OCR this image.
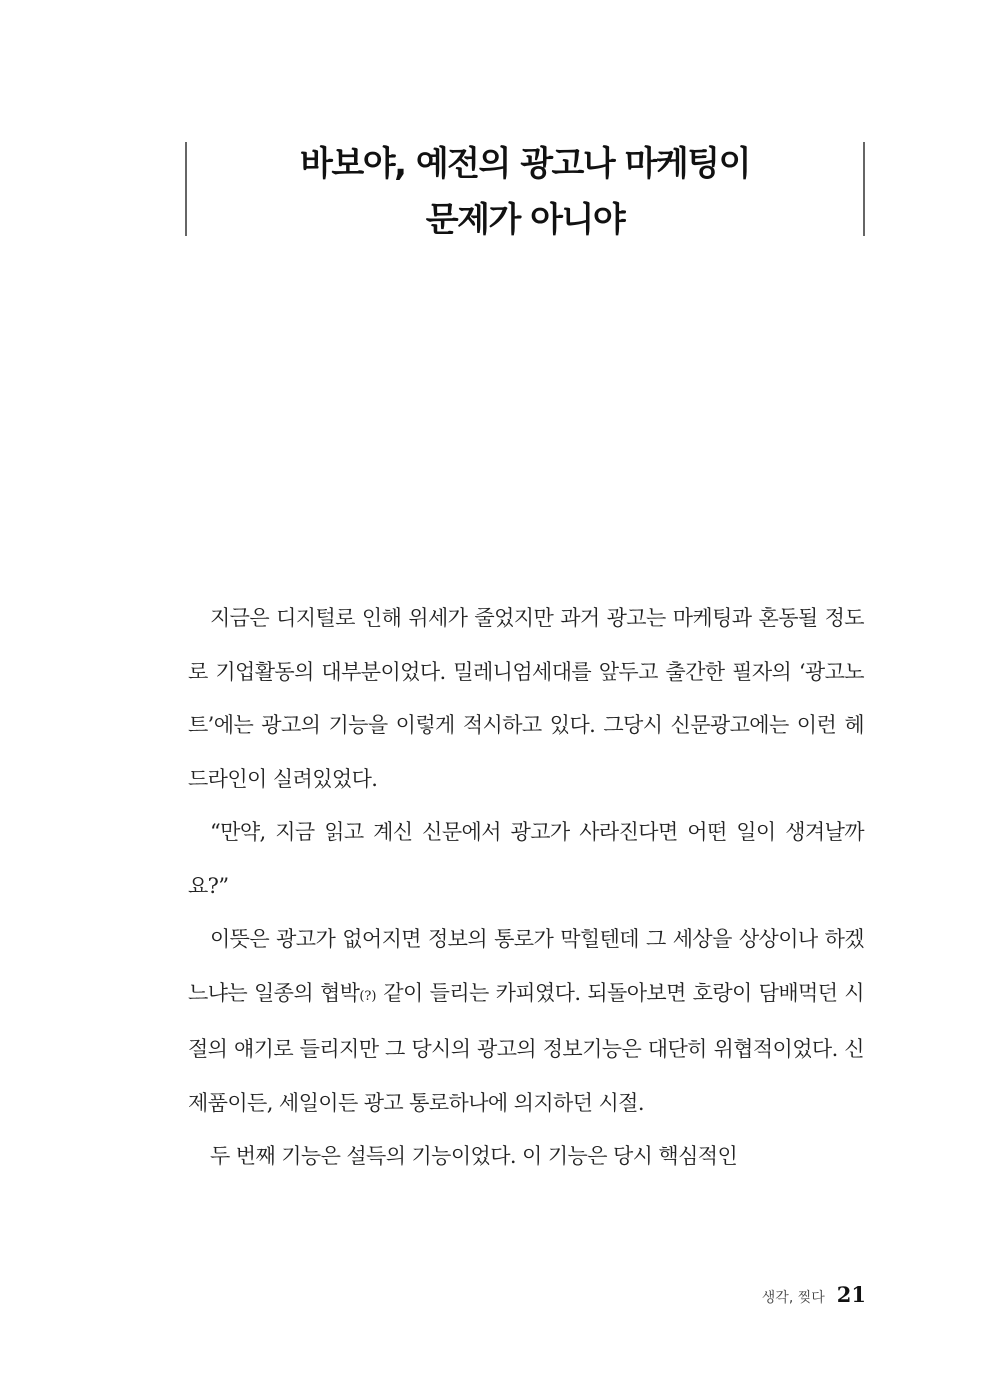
바보야, 예전의 광고나 마케팅이
문제가 아니야

지금은 디지털로 인해 위세가 줄었지만 과거 광고는 마케팅과 혼동될 정도로 기업활동의 대부분이었다. 밀레니엄세대를 앞두고 출간한 필자의 ‘광고노트’에는 광고의 기능을 이렇게 적시하고 있다. 그당시 신문광고에는 이런 헤드라인이 실려있었다.

“만약, 지금 읽고 계신 신문에서 광고가 사라진다면 어떤 일이 생겨날까요?”

이뜻은 광고가 없어지면 정보의 통로가 막힐텐데 그 세상을 상상이나 하겠느냐는 일종의 협박(?) 같이 들리는 카피였다. 되돌아보면 호랑이 담배먹던 시절의 얘기로 들리지만 그 당시의 광고의 정보기능은 대단히 위협적이었다. 신제품이든, 세일이든 광고 통로하나에 의지하던 시절.

두 번째 기능은 설득의 기능이었다. 이 기능은 당시 핵심적인

생각, 찢다 21
